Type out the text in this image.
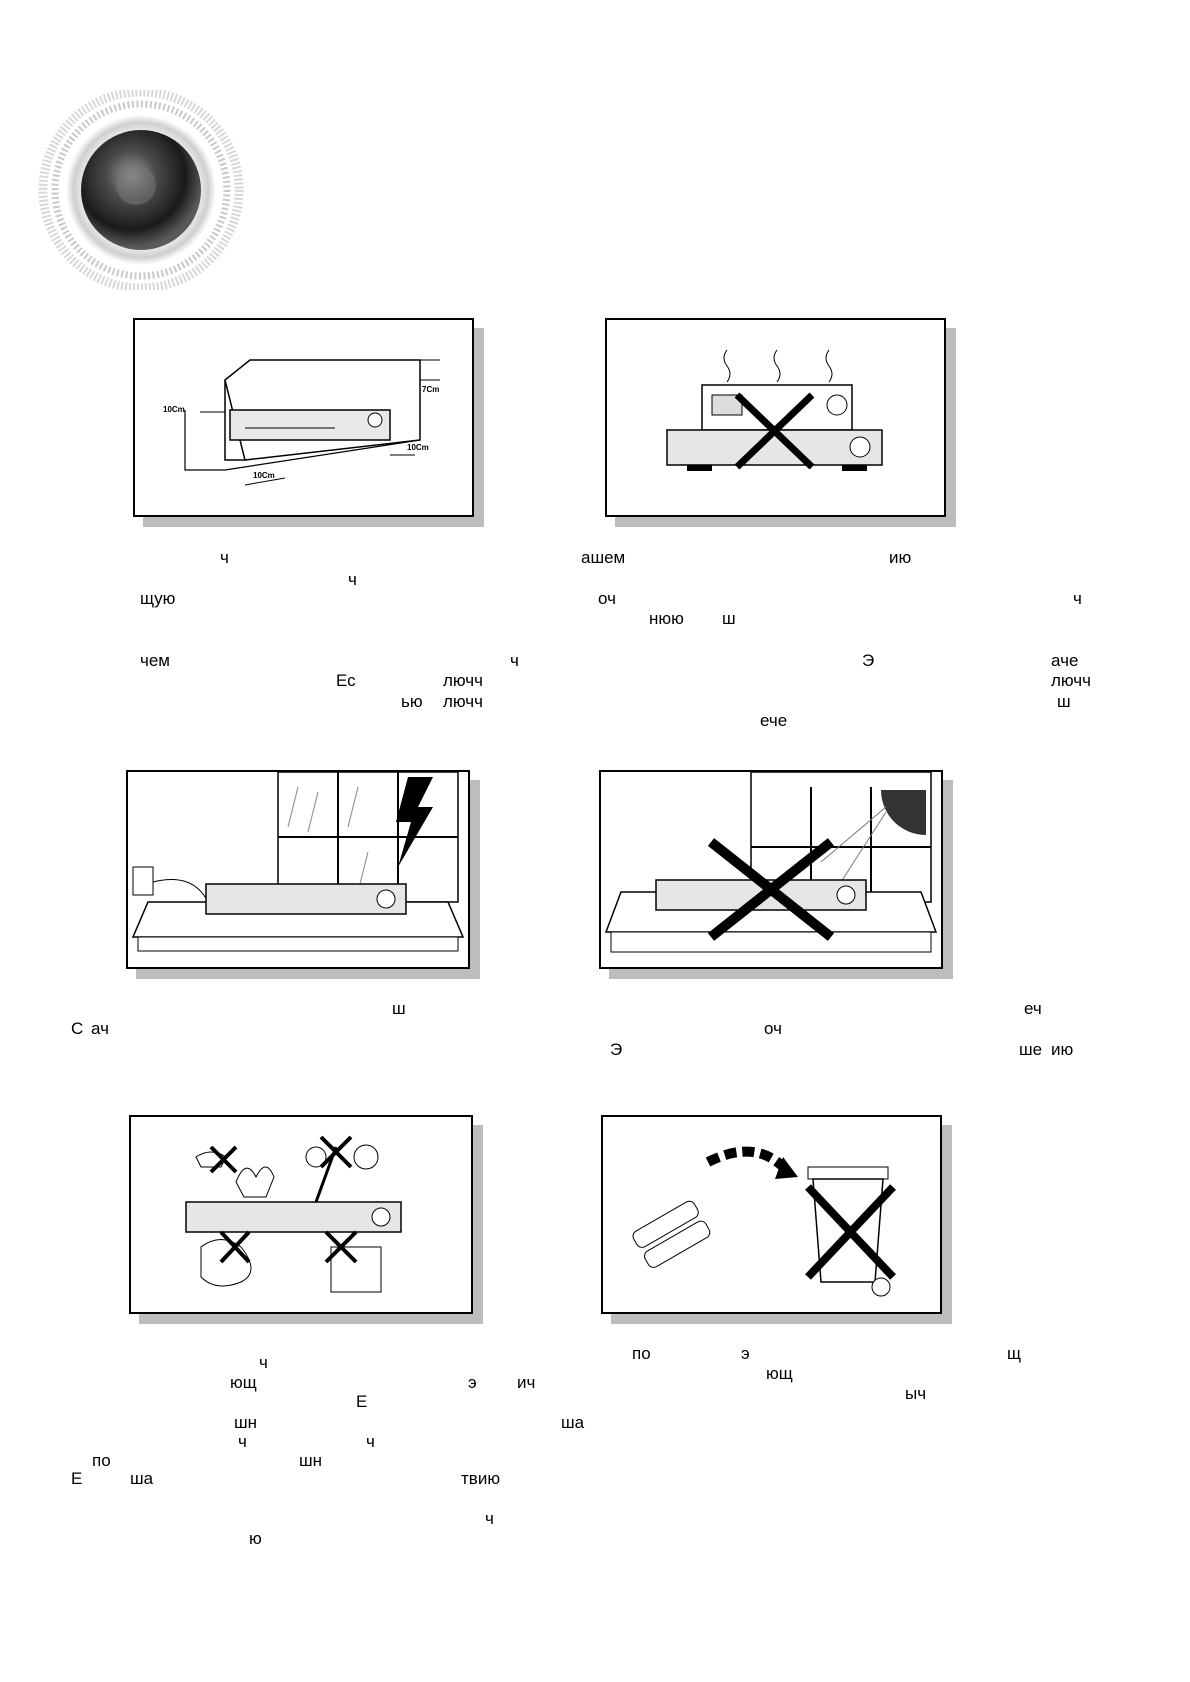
7Cm
10Cm
10Cm
10Cm
ч
ч
щую
чем	ч
Ес	лючч
ью лючч
ашем	ию
оч	ч
нюю ш
Э	аче
лючч
ш
ече
ш
С ач
еч
оч
Э	ше ию
ч
ющ	э ич
Е
ша
шн
ч	ч
по	шн
Е	ша	твию
ч
ю
по	э	щ
ющ
ыч
